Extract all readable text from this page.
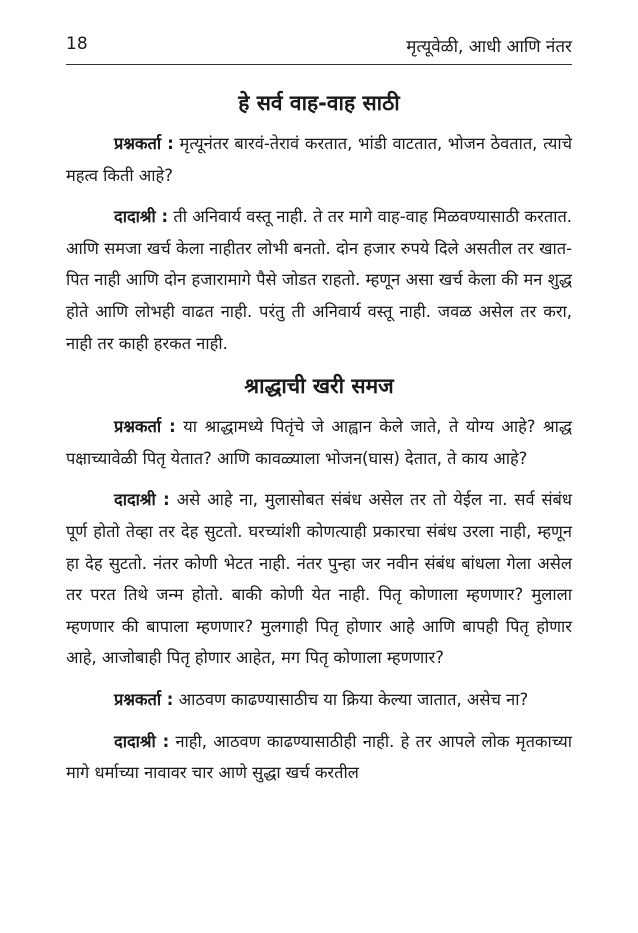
18	मृत्यूवेळी, आधी आणि नंतर
हे सर्व वाह-वाह साठी

प्रश्नकर्ता : मृत्यूनंतर बारवं-तेरावं करतात, भांडी वाटतात, भोजन ठेवतात, त्याचे महत्व किती आहे?

दादाश्री : ती अनिवार्य वस्तू नाही. ते तर मागे वाह-वाह मिळवण्यासाठी करतात. आणि समजा खर्च केला नाहीतर लोभी बनतो. दोन हजार रुपये दिले असतील तर खात-पित नाही आणि दोन हजारामागे पैसे जोडत राहतो. म्हणून असा खर्च केला की मन शुद्ध होते आणि लोभही वाढत नाही. परंतु ती अनिवार्य वस्तू नाही. जवळ असेल तर करा, नाही तर काही हरकत नाही.

श्राद्धाची खरी समज

प्रश्नकर्ता : या श्राद्धामध्ये पितृंचे जे आह्वान केले जाते, ते योग्य आहे? श्राद्ध पक्षाच्यावेळी पितृ येतात? आणि कावळ्याला भोजन(घास) देतात, ते काय आहे?

दादाश्री : असे आहे ना, मुलासोबत संबंध असेल तर तो येईल ना. सर्व संबंध पूर्ण होतो तेव्हा तर देह सुटतो. घरच्यांशी कोणत्याही प्रकारचा संबंध उरला नाही, म्हणून हा देह सुटतो. नंतर कोणी भेटत नाही. नंतर पुन्हा जर नवीन संबंध बांधला गेला असेल तर परत तिथे जन्म होतो. बाकी कोणी येत नाही. पितृ कोणाला म्हणणार? मुलाला म्हणणार की बापाला म्हणणार? मुलगाही पितृ होणार आहे आणि बापही पितृ होणार आहे, आजोबाही पितृ होणार आहेत, मग पितृ कोणाला म्हणणार?

प्रश्नकर्ता : आठवण काढण्यासाठीच या क्रिया केल्या जातात, असेच ना?

दादाश्री : नाही, आठवण काढण्यासाठीही नाही. हे तर आपले लोक मृतकाच्या मागे धर्माच्या नावावर चार आणे सुद्धा खर्च करतील
